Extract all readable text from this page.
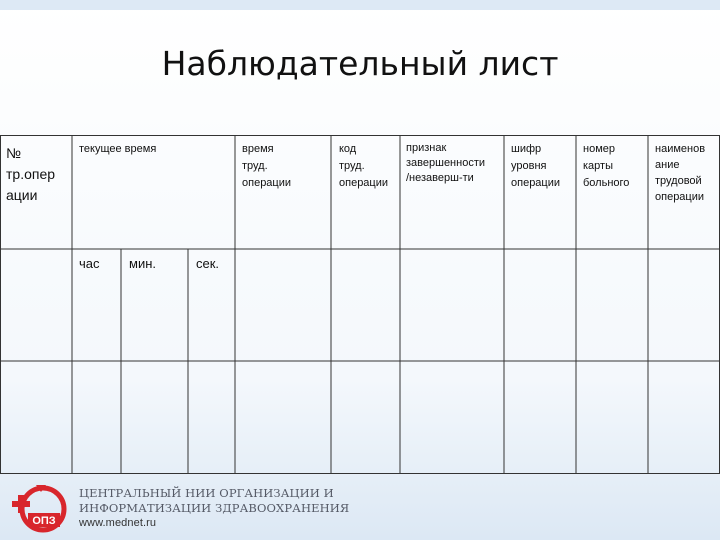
Наблюдательный лист
№
тр.опер
ации
текущее время	время
труд.
операции
код
труд.
операции
признак
завершенности
/незаверш-ти
шифр
уровня
операции
номер
карты
больного
наименов
ание
трудовой
операции
час мин.	сек.
ОПЗ
ЦЕНТРАЛЬНЫЙ НИИ ОРГАНИЗАЦИИ И
ИНФОРМАТИЗАЦИИ ЗДРАВООХРАНЕНИЯ
www.mednet.ru
